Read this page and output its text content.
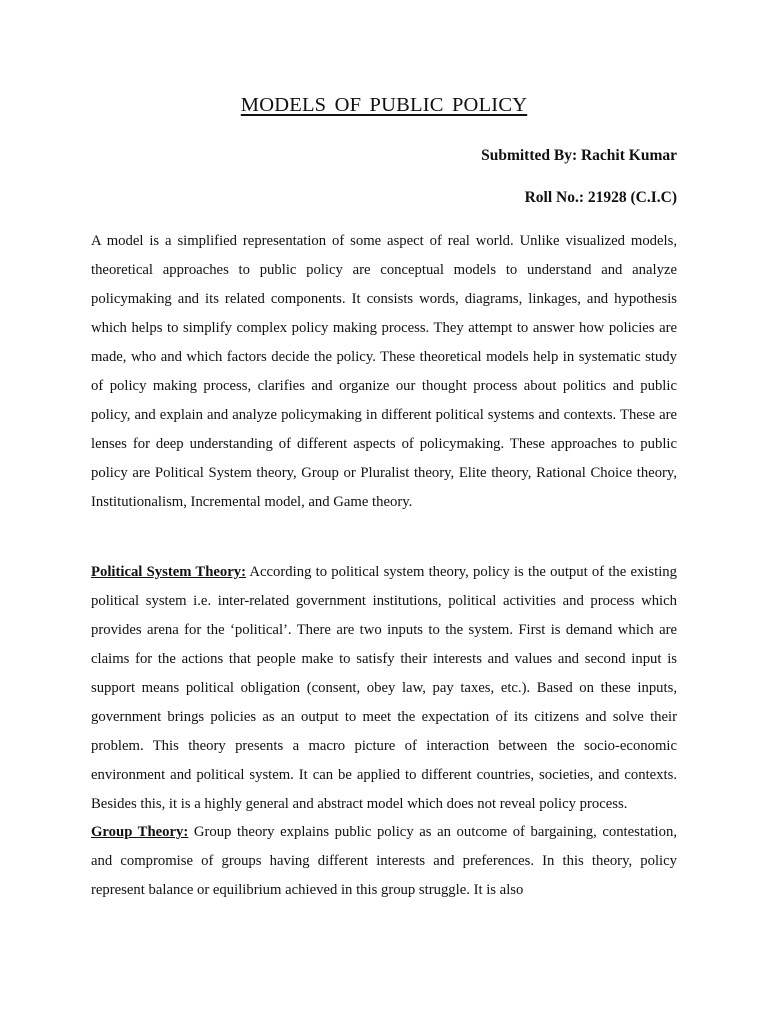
MODELS OF PUBLIC POLICY

Submitted By: Rachit Kumar

Roll No.: 21928 (C.I.C)

A model is a simplified representation of some aspect of real world. Unlike visualized models, theoretical approaches to public policy are conceptual models to understand and analyze policymaking and its related components. It consists words, diagrams, linkages, and hypothesis which helps to simplify complex policy making process. They attempt to answer how policies are made, who and which factors decide the policy. These theoretical models help in systematic study of policy making process, clarifies and organize our thought process about politics and public policy, and explain and analyze policymaking in different political systems and contexts. These are lenses for deep understanding of different aspects of policymaking. These approaches to public policy are Political System theory, Group or Pluralist theory, Elite theory, Rational Choice theory, Institutionalism, Incremental model, and Game theory.

Political System Theory: According to political system theory, policy is the output of the existing political system i.e. inter-related government institutions, political activities and process which provides arena for the ‘political’. There are two inputs to the system. First is demand which are claims for the actions that people make to satisfy their interests and values and second input is support means political obligation (consent, obey law, pay taxes, etc.). Based on these inputs, government brings policies as an output to meet the expectation of its citizens and solve their problem. This theory presents a macro picture of interaction between the socio-economic environment and political system. It can be applied to different countries, societies, and contexts. Besides this, it is a highly general and abstract model which does not reveal policy process.

Group Theory: Group theory explains public policy as an outcome of bargaining, contestation, and compromise of groups having different interests and preferences. In this theory, policy represent balance or equilibrium achieved in this group struggle. It is also
